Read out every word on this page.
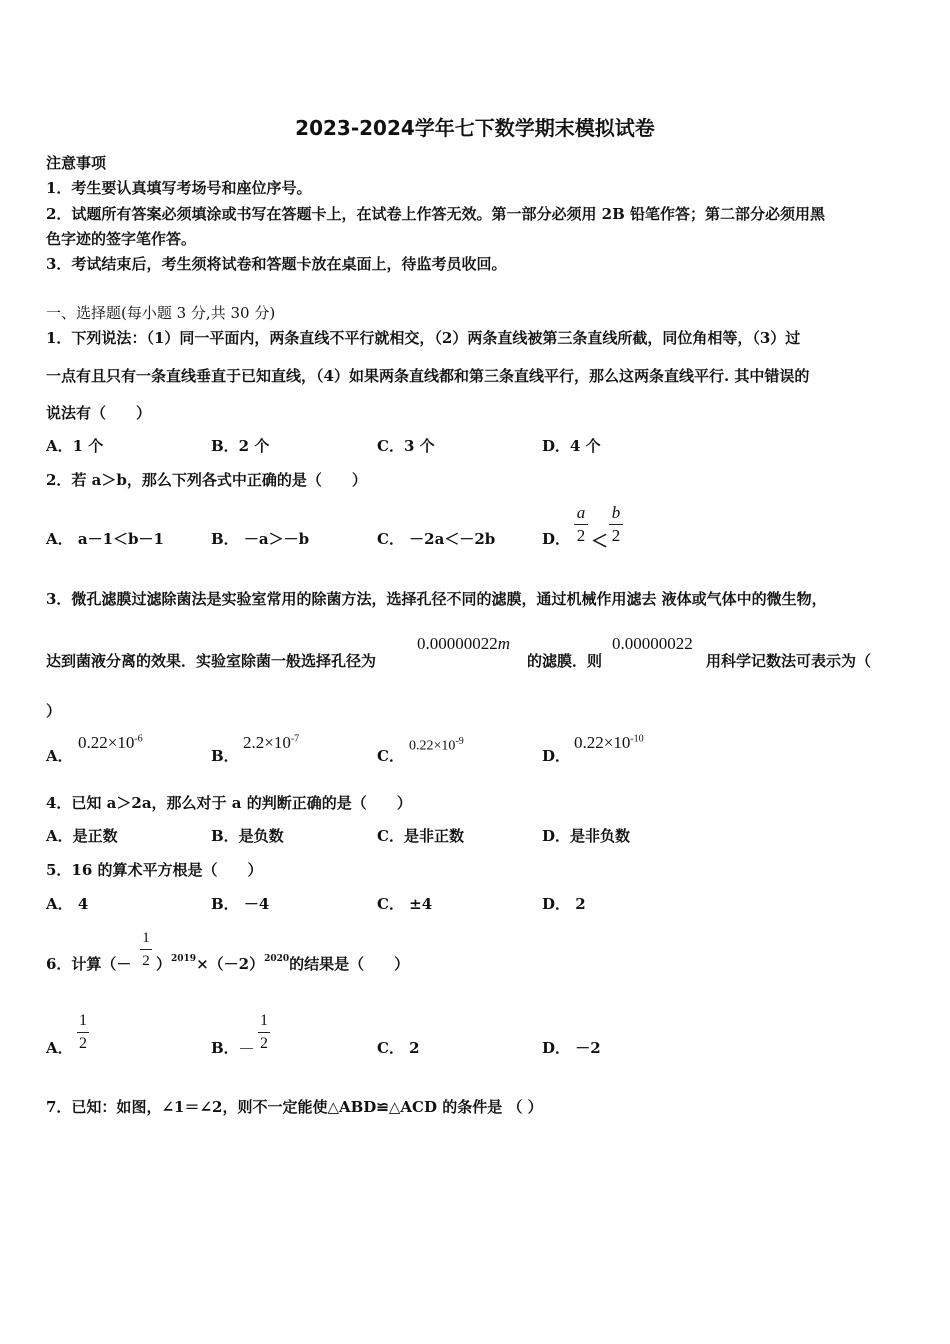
2023-2024学年七下数学期末模拟试卷
注意事项
1．考生要认真填写考场号和座位序号。
2．试题所有答案必须填涂或书写在答题卡上，在试卷上作答无效。第一部分必须用 2B 铅笔作答；第二部分必须用黑
色字迹的签字笔作答。
3．考试结束后，考生须将试卷和答题卡放在桌面上，待监考员收回。
一、选择题(每小题 3 分,共 30 分)
1．下列说法：（1）同一平面内，两条直线不平行就相交，（2）两条直线被第三条直线所截，同位角相等，（3）过
一点有且只有一条直线垂直于已知直线，（4）如果两条直线都和第三条直线平行，那么这两条直线平行. 其中错误的
说法有（　　）
A．1 个	B．2 个	C．3 个	D．4 个
2．若 a＞b，那么下列各式中正确的是（　　）
A． a－1＜b－1	B． －a＞－b	C． －2a＜－2b	D．
a
2 ＜
b
2
3．微孔滤膜过滤除菌法是实验室常用的除菌方法，选择孔径不同的滤膜，通过机械作用滤去 液体或气体中的微生物，
达到菌液分离的效果．实验室除菌一般选择孔径为
0.00000022m
的滤膜．则
0.00000022
用科学记数法可表示为（
）
A．
$0.22\times 10^{-6}$
B．
$2.2\times 10^{-7}$
C．
$0.22\times 10^{-9}$
D．
$0.22\times 10^{-10}$
4．已知 a＞2a，那么对于 a 的判断正确的是（　　）
A．是正数	B．是负数	C．是非正数	D．是非负数
5．16 的算术平方根是（　　）
A． 4	B． －4	C． ±4	D． 2
6．计算（－
1
2 ）$^{2019}\times(-2)^{2020}$的结果是（　　）
A．
1
2	B． －
1
2	C． 2	D． －2
7．已知：如图，∠1＝∠2，则不一定能使△ABD≌△ACD 的条件是 （ ）
